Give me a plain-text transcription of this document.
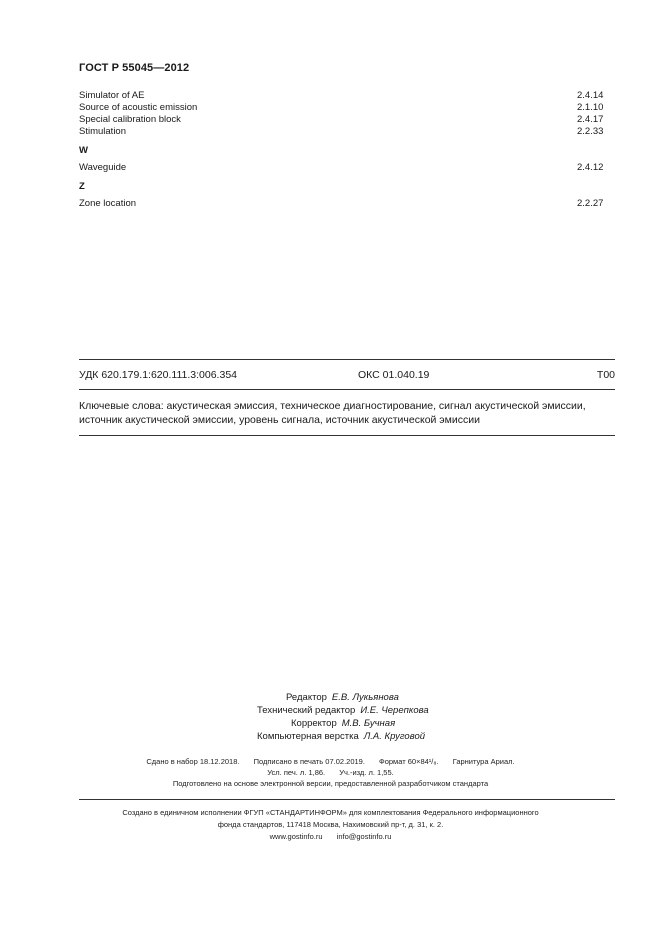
ГОСТ Р 55045—2012
Simulator of AE	2.4.14
Source of acoustic emission	2.1.10
Special calibration block	2.4.17
Stimulation	2.2.33
W
Waveguide	2.4.12
Z
Zone location	2.2.27
УДК 620.179.1:620.111.3:006.354	ОКС 01.040.19	Т00
Ключевые слова: акустическая эмиссия, техническое диагностирование, сигнал акустической эмиссии,
источник акустической эмиссии, уровень сигнала, источник акустической эмиссии
Редактор Е.В. Лукьянова
Технический редактор И.Е. Черепкова
Корректор М.В. Бучная
Компьютерная верстка Л.А. Круговой
Сдано в набор 18.12.2018. Подписано в печать 07.02.2019. Формат 60×84¹/₈. Гарнитура Ариал.
Усл. печ. л. 1,86. Уч.-изд. л. 1,55.
Подготовлено на основе электронной версии, предоставленной разработчиком стандарта
Создано в единичном исполнении ФГУП «СТАНДАРТИНФОРМ» для комплектования Федерального информационного
фонда стандартов, 117418 Москва, Нахимовский пр-т, д. 31, к. 2.
www.gostinfo.ru info@gostinfo.ru
